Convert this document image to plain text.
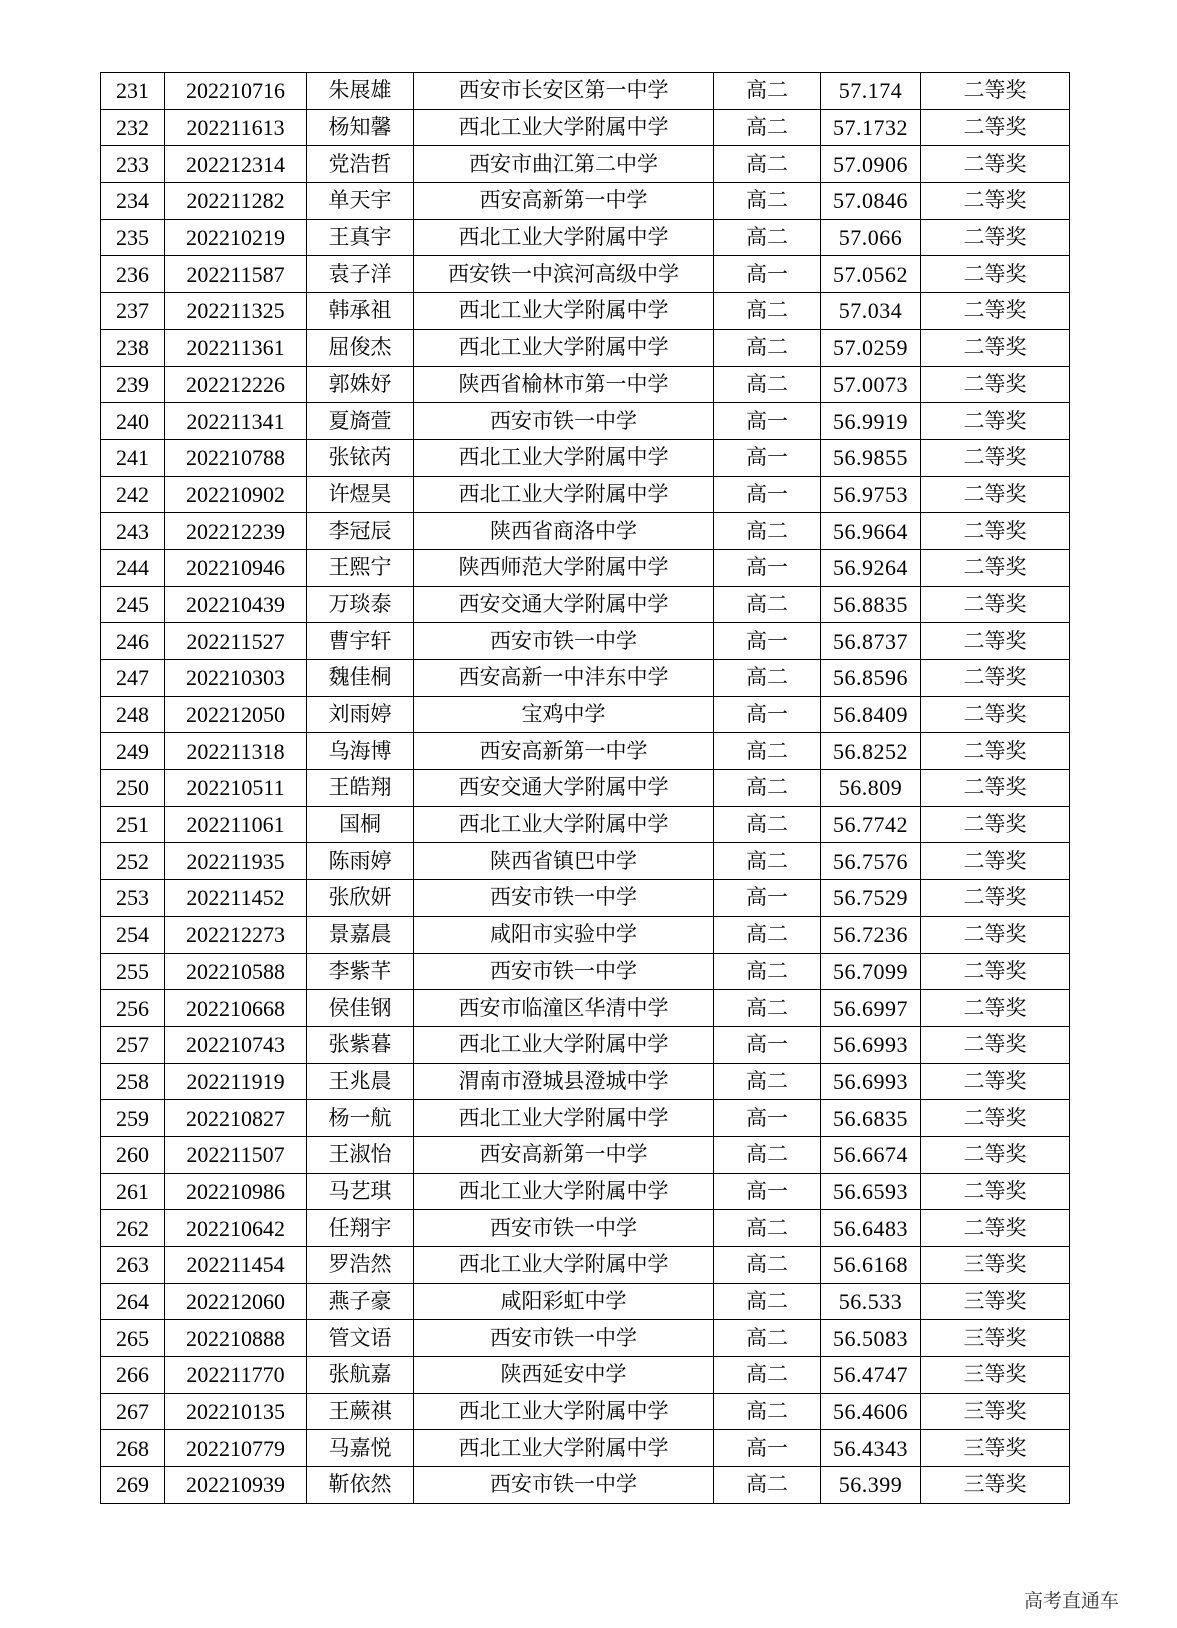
231	202210716	朱展雄	西安市长安区第一中学	高二	57.174	二等奖
232	202211613	杨知馨	西北工业大学附属中学	高二	57.1732	二等奖
233	202212314	党浩哲	西安市曲江第二中学	高二	57.0906	二等奖
234	202211282	单天宇	西安高新第一中学	高二	57.0846	二等奖
235	202210219	王真宇	西北工业大学附属中学	高二	57.066	二等奖
236	202211587	袁子洋	西安铁一中滨河高级中学	高一	57.0562	二等奖
237	202211325	韩承祖	西北工业大学附属中学	高二	57.034	二等奖
238	202211361	屈俊杰	西北工业大学附属中学	高二	57.0259	二等奖
239	202212226	郭姝妤	陕西省榆林市第一中学	高二	57.0073	二等奖
240	202211341	夏旖萱	西安市铁一中学	高一	56.9919	二等奖
241	202210788	张铱芮	西北工业大学附属中学	高一	56.9855	二等奖
242	202210902	许煜昊	西北工业大学附属中学	高一	56.9753	二等奖
243	202212239	李冠辰	陕西省商洛中学	高二	56.9664	二等奖
244	202210946	王熙宁	陕西师范大学附属中学	高一	56.9264	二等奖
245	202210439	万琰泰	西安交通大学附属中学	高二	56.8835	二等奖
246	202211527	曹宇轩	西安市铁一中学	高一	56.8737	二等奖
247	202210303	魏佳桐	西安高新一中沣东中学	高二	56.8596	二等奖
248	202212050	刘雨婷	宝鸡中学	高一	56.8409	二等奖
249	202211318	乌海博	西安高新第一中学	高二	56.8252	二等奖
250	202210511	王皓翔	西安交通大学附属中学	高二	56.809	二等奖
251	202211061	国桐	西北工业大学附属中学	高二	56.7742	二等奖
252	202211935	陈雨婷	陕西省镇巴中学	高二	56.7576	二等奖
253	202211452	张欣妍	西安市铁一中学	高一	56.7529	二等奖
254	202212273	景嘉晨	咸阳市实验中学	高二	56.7236	二等奖
255	202210588	李紫芊	西安市铁一中学	高二	56.7099	二等奖
256	202210668	侯佳钢	西安市临潼区华清中学	高二	56.6997	二等奖
257	202210743	张紫暮	西北工业大学附属中学	高一	56.6993	二等奖
258	202211919	王兆晨	渭南市澄城县澄城中学	高二	56.6993	二等奖
259	202210827	杨一航	西北工业大学附属中学	高一	56.6835	二等奖
260	202211507	王淑怡	西安高新第一中学	高二	56.6674	二等奖
261	202210986	马艺琪	西北工业大学附属中学	高一	56.6593	二等奖
262	202210642	任翔宇	西安市铁一中学	高二	56.6483	二等奖
263	202211454	罗浩然	西北工业大学附属中学	高二	56.6168	三等奖
264	202212060	燕子豪	咸阳彩虹中学	高二	56.533	三等奖
265	202210888	管文语	西安市铁一中学	高二	56.5083	三等奖
266	202211770	张航嘉	陕西延安中学	高二	56.4747	三等奖
267	202210135	王蕨祺	西北工业大学附属中学	高二	56.4606	三等奖
268	202210779	马嘉悦	西北工业大学附属中学	高一	56.4343	三等奖
269	202210939	靳依然	西安市铁一中学	高二	56.399	三等奖
高考直通车
